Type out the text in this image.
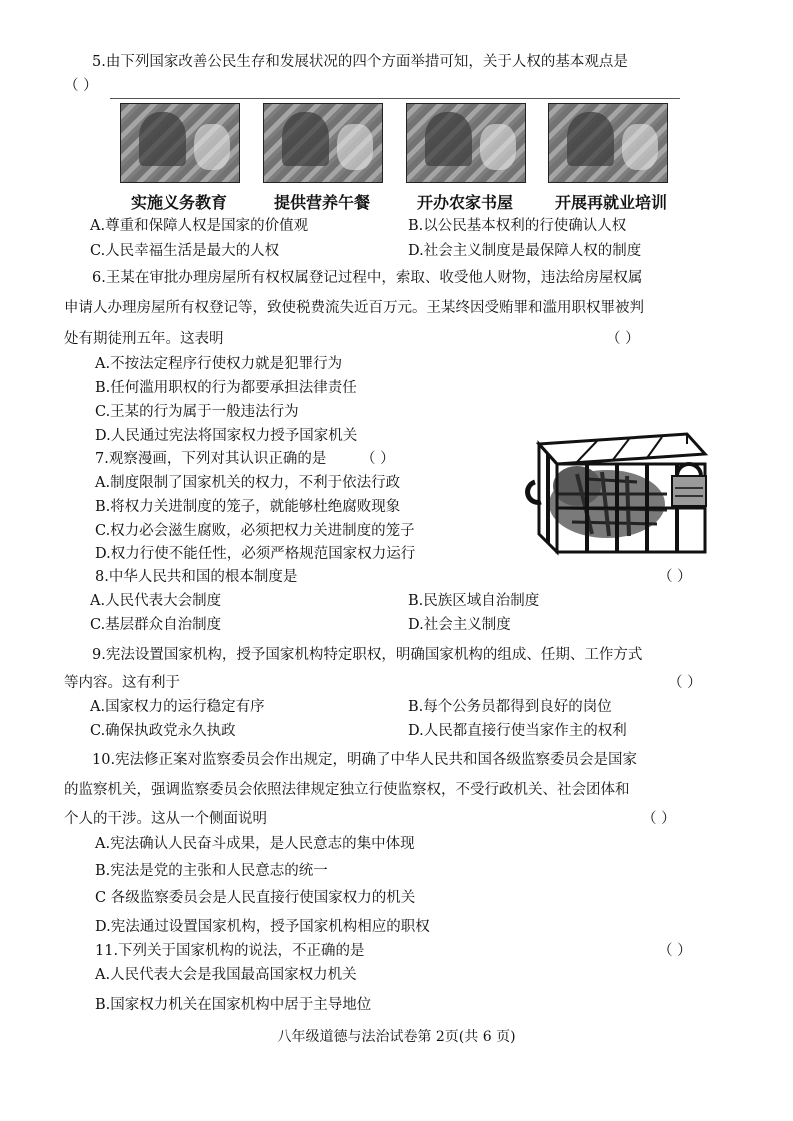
5.由下列国家改善公民生存和发展状况的四个方面举措可知，关于人权的基本观点是
（ ）
实施义务教育	提供营养午餐	开办农家书屋	开展再就业培训
A.尊重和保障人权是国家的价值观	B.以公民基本权利的行使确认人权
C.人民幸福生活是最大的人权	D.社会主义制度是最保障人权的制度
6.王某在审批办理房屋所有权权属登记过程中，索取、收受他人财物，违法给房屋权属
申请人办理房屋所有权登记等，致使税费流失近百万元。王某终因受贿罪和滥用职权罪被判
处有期徒刑五年。这表明	（ ）
A.不按法定程序行使权力就是犯罪行为
B.任何滥用职权的行为都要承担法律责任
C.王某的行为属于一般违法行为
D.人民通过宪法将国家权力授予国家机关
7.观察漫画，下列对其认识正确的是 （ ）
A.制度限制了国家机关的权力，不利于依法行政
B.将权力关进制度的笼子，就能够杜绝腐败现象
C.权力必会滋生腐败，必须把权力关进制度的笼子
D.权力行使不能任性，必须严格规范国家权力运行
8.中华人民共和国的根本制度是	（ ）
A.人民代表大会制度	B.民族区域自治制度
C.基层群众自治制度	D.社会主义制度
9.宪法设置国家机构，授予国家机构特定职权，明确国家机构的组成、任期、工作方式
等内容。这有利于	（ ）
A.国家权力的运行稳定有序	B.每个公务员都得到良好的岗位
C.确保执政党永久执政	D.人民都直接行使当家作主的权利
10.宪法修正案对监察委员会作出规定，明确了中华人民共和国各级监察委员会是国家
的监察机关，强调监察委员会依照法律规定独立行使监察权，不受行政机关、社会团体和
个人的干涉。这从一个侧面说明	（ ）
A.宪法确认人民奋斗成果，是人民意志的集中体现
B.宪法是党的主张和人民意志的统一
C 各级监察委员会是人民直接行使国家权力的机关
D.宪法通过设置国家机构，授予国家机构相应的职权
11.下列关于国家机构的说法，不正确的是	（ ）
A.人民代表大会是我国最高国家权力机关
B.国家权力机关在国家机构中居于主导地位
八年级道德与法治试卷第 2页(共 6 页)
